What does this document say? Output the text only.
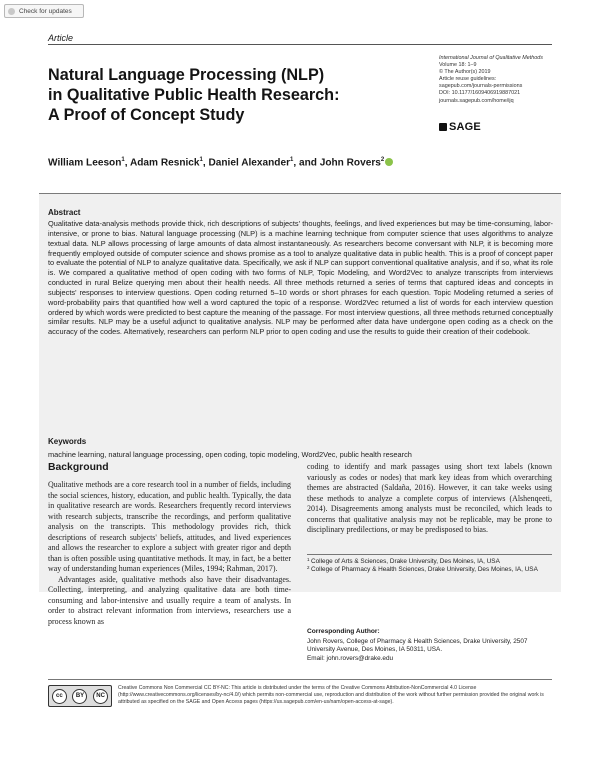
Check for updates
Article
International Journal of Qualitative Methods
Volume 18: 1–9
© The Author(s) 2019
Article reuse guidelines:
sagepub.com/journals-permissions
DOI: 10.1177/1609406919887021
journals.sagepub.com/home/ijq
SAGE
Natural Language Processing (NLP)
in Qualitative Public Health Research:
A Proof of Concept Study
William Leeson$^1$, Adam Resnick$^1$, Daniel Alexander$^1$, and John Rovers$^2$
Abstract
Qualitative data-analysis methods provide thick, rich descriptions of subjects' thoughts, feelings, and lived experiences but may be time-consuming, labor-intensive, or prone to bias. Natural language processing (NLP) is a machine learning technique from computer science that uses algorithms to analyze textual data. NLP allows processing of large amounts of data almost instantaneously. As researchers become conversant with NLP, it is becoming more frequently employed outside of computer science and shows promise as a tool to analyze qualitative data in public health. This is a proof of concept paper to evaluate the potential of NLP to analyze qualitative data. Specifically, we ask if NLP can support conventional qualitative analysis, and if so, what its role is. We compared a qualitative method of open coding with two forms of NLP, Topic Modeling, and Word2Vec to analyze transcripts from interviews conducted in rural Belize querying men about their health needs. All three methods returned a series of terms that captured ideas and concepts in subjects' responses to interview questions. Open coding returned 5–10 words or short phrases for each question. Topic Modeling returned a series of word-probability pairs that quantified how well a word captured the topic of a response. Word2Vec returned a list of words for each interview question ordered by which words were predicted to best capture the meaning of the passage. For most interview questions, all three methods returned conceptually similar results. NLP may be a useful adjunct to qualitative analysis. NLP may be performed after data have undergone open coding as a check on the accuracy of the codes. Alternatively, researchers can perform NLP prior to open coding and use the results to guide their creation of their codebook.
Keywords
machine learning, natural language processing, open coding, topic modeling, Word2Vec, public health research
Background

Qualitative methods are a core research tool in a number of fields, including the social sciences, history, education, and public health. Typically, the data in qualitative research are words. Researchers frequently record interviews with research subjects, transcribe the recordings, and perform qualitative analysis on the transcripts. This methodology provides rich, thick descriptions of research subjects' beliefs, attitudes, and lived experiences and allows the researcher to explore a subject with greater rigor and depth than is often possible using quantitative methods. It may, in fact, be a better way of understanding human experiences (Miles, 1994; Rahman, 2017).

Advantages aside, qualitative methods also have their disadvantages. Collecting, interpreting, and analyzing qualitative data are both time-consuming and labor-intensive and usually require a team of analysts. In order to abstract relevant information from interviews, researchers use a process known as

coding to identify and mark passages using short text labels (known variously as codes or nodes) that mark key ideas from which overarching themes are abstracted (Saldaña, 2016). However, it can take weeks using these methods to analyze a complete corpus of interviews (Alshenqeeti, 2014). Disagreements among analysts must be reconciled, which leads to concerns that qualitative analysis may not be replicable, may be prone to disciplinary predilections, or may be predisposed to bias.

1 College of Arts & Sciences, Drake University, Des Moines, IA, USA
2 College of Pharmacy & Health Sciences, Drake University, Des Moines, IA, USA
Corresponding Author:
John Rovers, College of Pharmacy & Health Sciences, Drake University, 2507 University Avenue, Des Moines, IA 50311, USA.
Email: john.rovers@drake.edu
cc	BY	NC
Creative Commons Non Commercial CC BY-NC: This article is distributed under the terms of the Creative Commons Attribution-NonCommercial 4.0 License (http://www.creativecommons.org/licenses/by-nc/4.0/) which permits non-commercial use, reproduction and distribution of the work without further permission provided the original work is attributed as specified on the SAGE and Open Access pages (https://us.sagepub.com/en-us/nam/open-access-at-sage).
